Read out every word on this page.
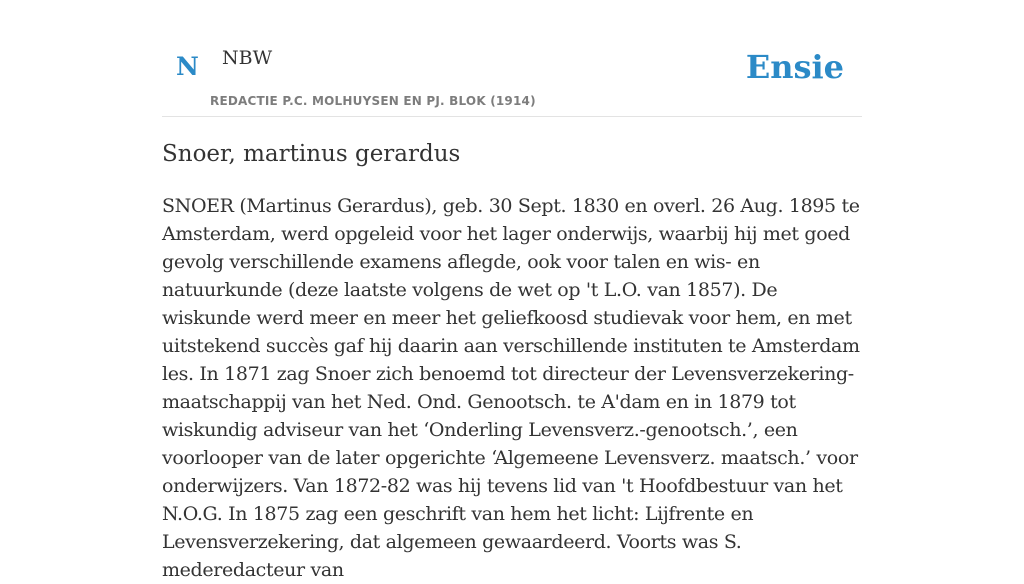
N NBW
REDACTIE P.C. MOLHUYSEN EN PJ. BLOK (1914)
Ensie
Snoer, martinus gerardus

SNOER (Martinus Gerardus), geb. 30 Sept. 1830 en overl. 26 Aug. 1895 te Amsterdam, werd opgeleid voor het lager onderwijs, waarbij hij met goed gevolg verschillende examens aflegde, ook voor talen en wis- en natuurkunde (deze laatste volgens de wet op 't L.O. van 1857). De wiskunde werd meer en meer het geliefkoosd studievak voor hem, en met uitstekend succès gaf hij daarin aan verschillende instituten te Amsterdam les. In 1871 zag Snoer zich benoemd tot directeur der Levensverzekering-maatschappij van het Ned. Ond. Genootsch. te A'dam en in 1879 tot wiskundig adviseur van het ‘Onderling Levensverz.-genootsch.’, een voorlooper van de later opgerichte ‘Algemeene Levensverz. maatsch.’ voor onderwijzers. Van 1872-82 was hij tevens lid van 't Hoofdbestuur van het N.O.G. In 1875 zag een geschrift van hem het licht: Lijfrente en Levensverzekering, dat algemeen gewaardeerd. Voorts was S. mederedacteur van
